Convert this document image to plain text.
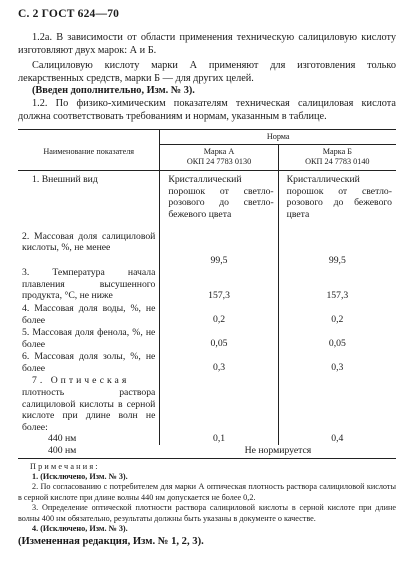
С. 2 ГОСТ 624—70

1.2а. В зависимости от области применения техническую салициловую кислоту изготовляют двух марок: А и Б.

Салициловую кислоту марки А применяют для изготовления только лекарственных средств, марки Б — для других целей.

(Введен дополнительно, Изм. № 3).

1.2. По физико-химическим показателям техническая салициловая кислота должна соответствовать требованиям и нормам, указанным в таблице.

Наименование показателя	Норма	
	Марка А	Марка Б
	ОКП 24 7783 0130	ОКП 24 7783 0140
1. Внешний вид	Кристаллический порошок от светло-розового до светло-бежевого цвета	Кристаллический порошок от светло-розового до бежевого цвета
2. Массовая доля салициловой кислоты, %, не менее	99,5	99,5
3. Температура начала плавления высушенного продукта, °С, не ниже	157,3	157,3
4. Массовая доля воды, %, не более	0,2	0,2
5. Массовая доля фенола, %, не более	0,05	0,05
6. Массовая доля золы, %, не более	0,3	0,3

7. Оптическая
плотность раствора салициловой кислоты в серной кислоте при длине волн не более:		

440 нм	0,1	0,4
400 нм	Не нормируется	
Примечания:

1. (Исключено, Изм. № 3).

2. По согласованию с потребителем для марки А оптическая плотность раствора салициловой кислоты в серной кислоте при длине волны 440 нм допускается не более 0,2.

3. Определение оптической плотности раствора салициловой кислоты в серной кислоте при длине волны 400 нм обязательно, результаты должны быть указаны в документе о качестве.

4. (Исключено, Изм. № 3).

(Измененная редакция, Изм. № 1, 2, 3).
